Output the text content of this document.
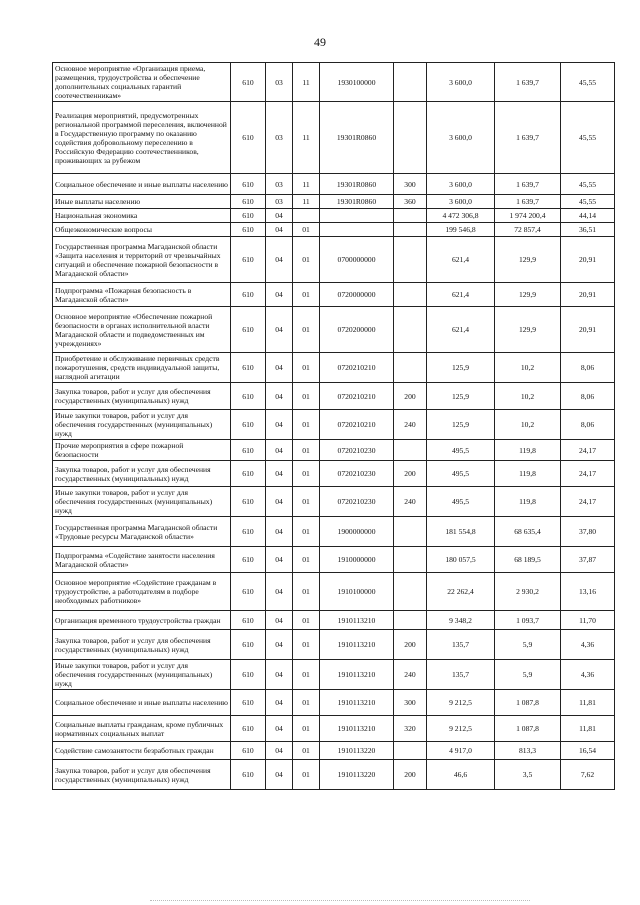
49
Основное мероприятие «Организация приема, размещения, трудоустройства и обеспечение дополнительных социальных гарантий соотечественникам»	610	03	11	1930100000		3 600,0	1 639,7	45,55
Реализация мероприятий, предусмотренных региональной программой переселения, включенной в Государственную программу по оказанию содействия добровольному переселению в Российскую Федерацию соотечественников, проживающих за рубежом	610	03	11	19301R0860		3 600,0	1 639,7	45,55
Социальное обеспечение и иные выплаты населению	610	03	11	19301R0860	300	3 600,0	1 639,7	45,55
Иные выплаты населению	610	03	11	19301R0860	360	3 600,0	1 639,7	45,55
Национальная экономика	610	04				4 472 306,8	1 974 200,4	44,14
Общеэкономические вопросы	610	04	01			199 546,8	72 857,4	36,51
Государственная программа Магаданской области «Защита населения и территорий от чрезвычайных ситуаций и обеспечение пожарной безопасности в Магаданской области»	610	04	01	0700000000		621,4	129,9	20,91
Подпрограмма «Пожарная безопасность в Магаданской области»	610	04	01	0720000000		621,4	129,9	20,91
Основное мероприятие «Обеспечение пожарной безопасности в органах исполнительной власти Магаданской области и подведомственных им учреждениях»	610	04	01	0720200000		621,4	129,9	20,91
Приобретение и обслуживание первичных средств пожаротушения, средств индивидуальной защиты, наглядной агитации	610	04	01	0720210210		125,9	10,2	8,06
Закупка товаров, работ и услуг для обеспечения государственных (муниципальных) нужд	610	04	01	0720210210	200	125,9	10,2	8,06
Иные закупки товаров, работ и услуг для обеспечения государственных (муниципальных) нужд	610	04	01	0720210210	240	125,9	10,2	8,06
Прочие мероприятия в сфере пожарной безопасности	610	04	01	0720210230		495,5	119,8	24,17
Закупка товаров, работ и услуг для обеспечения государственных (муниципальных) нужд	610	04	01	0720210230	200	495,5	119,8	24,17
Иные закупки товаров, работ и услуг для обеспечения государственных (муниципальных) нужд	610	04	01	0720210230	240	495,5	119,8	24,17
Государственная программа Магаданской области «Трудовые ресурсы Магаданской области»	610	04	01	1900000000		181 554,8	68 635,4	37,80
Подпрограмма «Содействие занятости населения Магаданской области»	610	04	01	1910000000		180 057,5	68 189,5	37,87
Основное мероприятие «Содействие гражданам в трудоустройстве, а работодателям в подборе необходимых работников»	610	04	01	1910100000		22 262,4	2 930,2	13,16
Организация временного трудоустройства граждан	610	04	01	1910113210		9 348,2	1 093,7	11,70
Закупка товаров, работ и услуг для обеспечения государственных (муниципальных) нужд	610	04	01	1910113210	200	135,7	5,9	4,36
Иные закупки товаров, работ и услуг для обеспечения государственных (муниципальных) нужд	610	04	01	1910113210	240	135,7	5,9	4,36
Социальное обеспечение и иные выплаты населению	610	04	01	1910113210	300	9 212,5	1 087,8	11,81
Социальные выплаты гражданам, кроме публичных нормативных социальных выплат	610	04	01	1910113210	320	9 212,5	1 087,8	11,81
Содействие самозанятости безработных граждан	610	04	01	1910113220		4 917,0	813,3	16,54
Закупка товаров, работ и услуг для обеспечения государственных (муниципальных) нужд	610	04	01	1910113220	200	46,6	3,5	7,62
